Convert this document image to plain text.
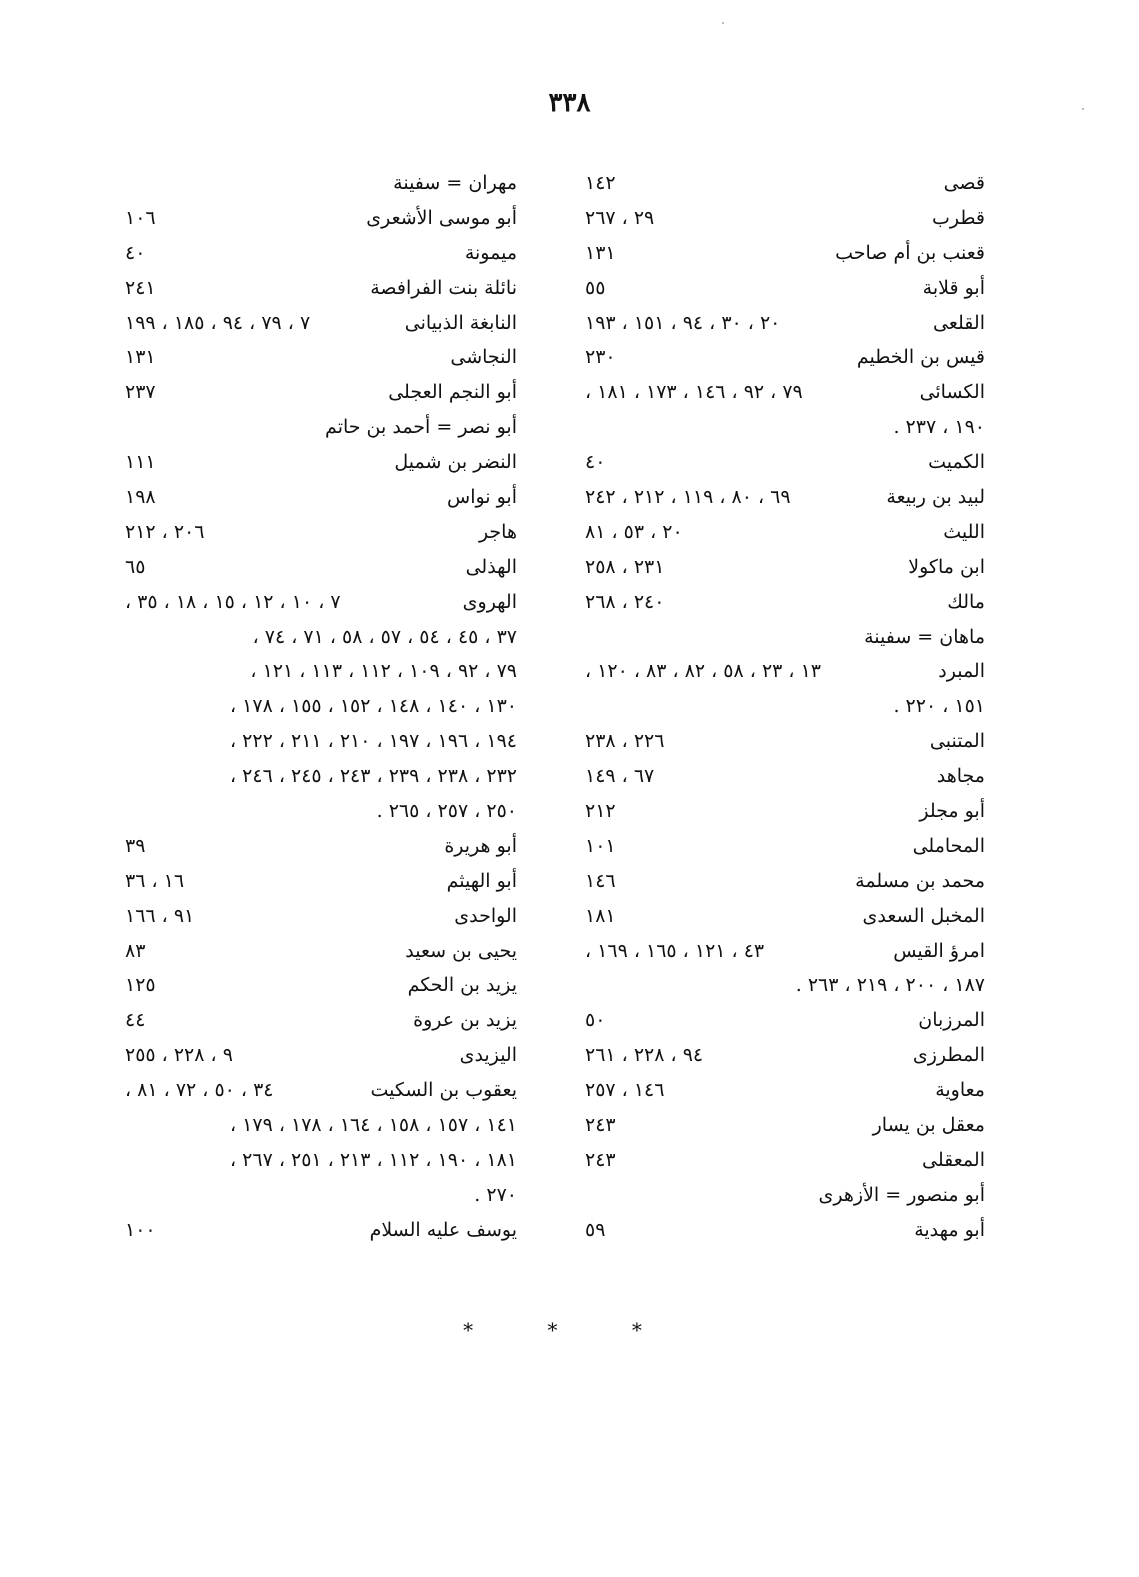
٣٣٨
قصى
١٤٢
قطرب
٢٩ ، ٢٦٧
قعنب بن أم صاحب
١٣١
أبو قلابة
٥٥
القلعى
٢٠ ، ٣٠ ، ٩٤ ، ١٥١ ، ١٩٣
قيس بن الخطيم
٢٣٠
الكسائى
٧٩ ، ٩٢ ، ١٤٦ ، ١٧٣ ، ١٨١ ،
١٩٠ ، ٢٣٧ .
الكميت
٤٠
لبيد بن ربيعة
٦٩ ، ٨٠ ، ١١٩ ، ٢١٢ ، ٢٤٢
الليث
٢٠ ، ٥٣ ، ٨١
ابن ماكولا
٢٣١ ، ٢٥٨
مالك
٢٤٠ ، ٢٦٨
ماهان = سفينة
المبرد
١٣ ، ٢٣ ، ٥٨ ، ٨٢ ، ٨٣ ، ١٢٠ ،
١٥١ ، ٢٢٠ .
المتنبى
٢٢٦ ، ٢٣٨
مجاهد
٦٧ ، ١٤٩
أبو مجلز
٢١٢
المحاملى
١٠١
محمد بن مسلمة
١٤٦
المخبل السعدى
١٨١
امرؤ القيس
٤٣ ، ١٢١ ، ١٦٥ ، ١٦٩ ،
١٨٧ ، ٢٠٠ ، ٢١٩ ، ٢٦٣ .
المرزبان
٥٠
المطرزى
٩٤ ، ٢٢٨ ، ٢٦١
معاوية
١٤٦ ، ٢٥٧
معقل بن يسار
٢٤٣
المعقلى
٢٤٣
أبو منصور = الأزهرى
أبو مهدية
٥٩
مهران = سفينة
أبو موسى الأشعرى
١٠٦
ميمونة
٤٠
نائلة بنت الفرافصة
٢٤١
النابغة الذبيانى
٧ ، ٧٩ ، ٩٤ ، ١٨٥ ، ١٩٩
النجاشى
١٣١
أبو النجم العجلى
٢٣٧
أبو نصر = أحمد بن حاتم
النضر بن شميل
١١١
أبو نواس
١٩٨
هاجر
٢٠٦ ، ٢١٢
الهذلى
٦٥
الهروى
٧ ، ١٠ ، ١٢ ، ١٥ ، ١٨ ، ٣٥ ،
٣٧ ، ٤٥ ، ٥٤ ، ٥٧ ، ٥٨ ، ٧١ ، ٧٤ ،
٧٩ ، ٩٢ ، ١٠٩ ، ١١٢ ، ١١٣ ، ١٢١ ،
١٣٠ ، ١٤٠ ، ١٤٨ ، ١٥٢ ، ١٥٥ ، ١٧٨ ،
١٩٤ ، ١٩٦ ، ١٩٧ ، ٢١٠ ، ٢١١ ، ٢٢٢ ،
٢٣٢ ، ٢٣٨ ، ٢٣٩ ، ٢٤٣ ، ٢٤٥ ، ٢٤٦ ،
٢٥٠ ، ٢٥٧ ، ٢٦٥ .
أبو هريرة
٣٩
أبو الهيثم
١٦ ، ٣٦
الواحدى
٩١ ، ١٦٦
يحيى بن سعيد
٨٣
يزيد بن الحكم
١٢٥
يزيد بن عروة
٤٤
اليزيدى
٩ ، ٢٢٨ ، ٢٥٥
يعقوب بن السكيت
٣٤ ، ٥٠ ، ٧٢ ، ٨١ ،
١٤١ ، ١٥٧ ، ١٥٨ ، ١٦٤ ، ١٧٨ ، ١٧٩ ،
١٨١ ، ١٩٠ ، ١١٢ ، ٢١٣ ، ٢٥١ ، ٢٦٧ ،
٢٧٠ .
يوسف عليه السلام
١٠٠
* * *
